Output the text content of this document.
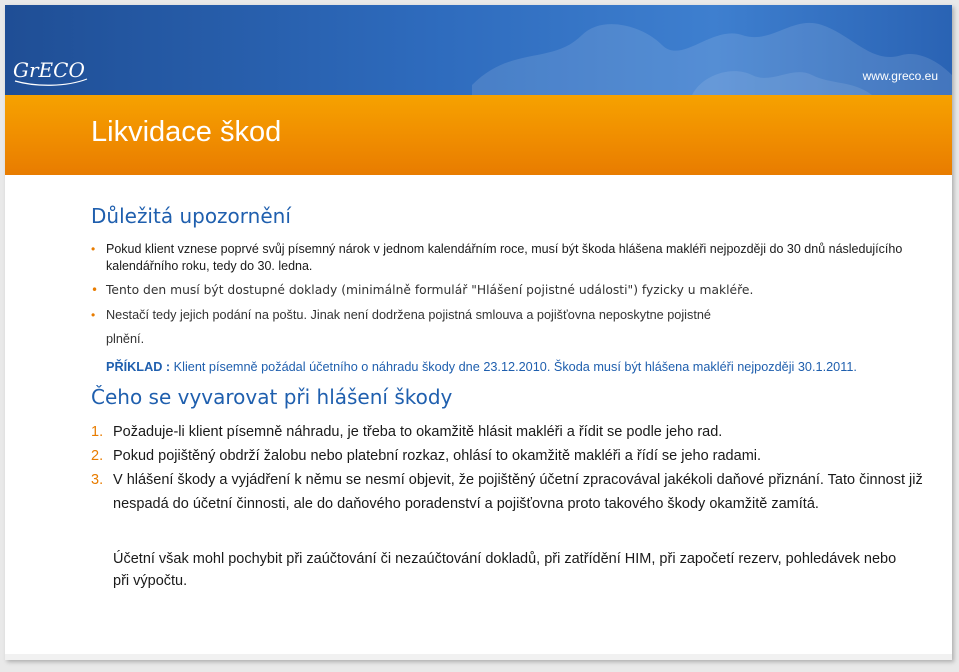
GrECO	www.greco.eu
Likvidace škod
Důležitá upozornění
• Pokud klient vznese poprvé svůj písemný nárok v jednom kalendářním roce, musí být škoda hlášena makléři nejpozději do 30 dnů následujícího kalendářního roku, tedy do 30. ledna.
• Tento den musí být dostupné doklady (minimálně formulář "Hlášení pojistné události") fyzicky u makléře.
• Nestačí tedy jejich podání na poštu. Jinak není dodržena pojistná smlouva a pojišťovna neposkytne pojistné
plnění.
PŘÍKLAD : Klient písemně požádal účetního o náhradu škody dne 23.12.2010. Škoda musí být hlášena makléři nejpozději 30.1.2011.
Čeho se vyvarovat při hlášení škody
1. Požaduje-li klient písemně náhradu, je třeba to okamžitě hlásit makléři a řídit se podle jeho rad.
2. Pokud pojištěný obdrží žalobu nebo platební rozkaz, ohlásí to okamžitě makléři a řídí se jeho radami.
3. V hlášení škody a vyjádření k němu se nesmí objevit, že pojištěný účetní zpracovával jakékoli daňové přiznání. Tato činnost již nespadá do účetní činnosti, ale do daňového poradenství a pojišťovna proto takového škody okamžitě zamítá.
Účetní však mohl pochybit při zaúčtování či nezaúčtování dokladů, při zatřídění HIM, při započetí rezerv, pohledávek nebo při výpočtu.
